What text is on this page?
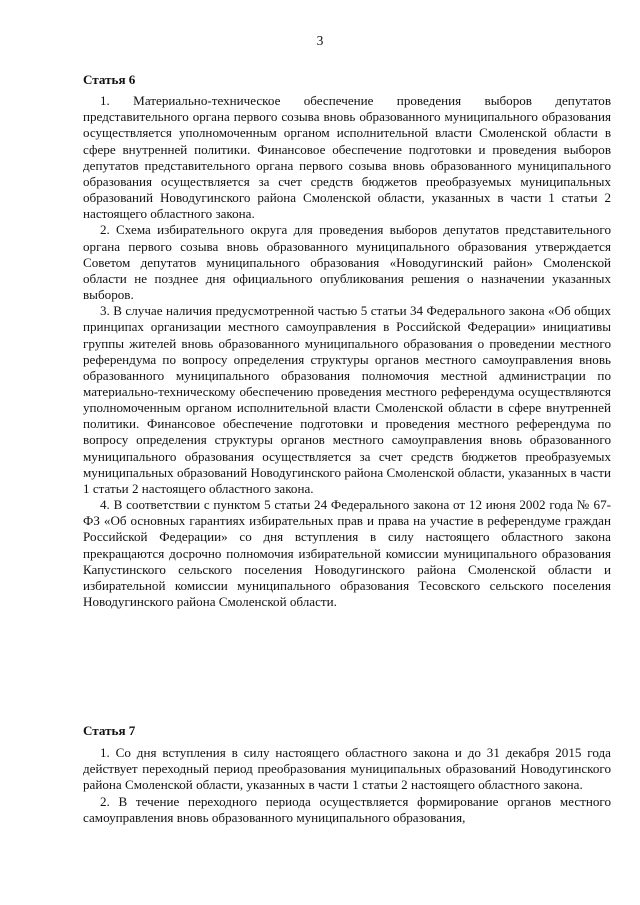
3

Статья 6

1. Материально-техническое обеспечение проведения выборов депутатов представительного органа первого созыва вновь образованного муниципального образования осуществляется уполномоченным органом исполнительной власти Смоленской области в сфере внутренней политики. Финансовое обеспечение подготовки и проведения выборов депутатов представительного органа первого созыва вновь образованного муниципального образования осуществляется за счет средств бюджетов преобразуемых муниципальных образований Новодугинского района Смоленской области, указанных в части 1 статьи 2 настоящего областного закона.

2. Схема избирательного округа для проведения выборов депутатов представительного органа первого созыва вновь образованного муниципального образования утверждается Советом депутатов муниципального образования «Новодугинский район» Смоленской области не позднее дня официального опубликования решения о назначении указанных выборов.

3. В случае наличия предусмотренной частью 5 статьи 34 Федерального закона «Об общих принципах организации местного самоуправления в Российской Федерации» инициативы группы жителей вновь образованного муниципального образования о проведении местного референдума по вопросу определения структуры органов местного самоуправления вновь образованного муниципального образования полномочия местной администрации по материально-техническому обеспечению проведения местного референдума осуществляются уполномоченным органом исполнительной власти Смоленской области в сфере внутренней политики. Финансовое обеспечение подготовки и проведения местного референдума по вопросу определения структуры органов местного самоуправления вновь образованного муниципального образования осуществляется за счет средств бюджетов преобразуемых муниципальных образований Новодугинского района Смоленской области, указанных в части 1 статьи 2 настоящего областного закона.

4. В соответствии с пунктом 5 статьи 24 Федерального закона от 12 июня 2002 года № 67-ФЗ «Об основных гарантиях избирательных прав и права на участие в референдуме граждан Российской Федерации» со дня вступления в силу настоящего областного закона прекращаются досрочно полномочия избирательной комиссии муниципального образования Капустинского сельского поселения Новодугинского района Смоленской области и избирательной комиссии муниципального образования Тесовского сельского поселения Новодугинского района Смоленской области.

Статья 7

1. Со дня вступления в силу настоящего областного закона и до 31 декабря 2015 года действует переходный период преобразования муниципальных образований Новодугинского района Смоленской области, указанных в части 1 статьи 2 настоящего областного закона.

2. В течение переходного периода осуществляется формирование органов местного самоуправления вновь образованного муниципального образования,
